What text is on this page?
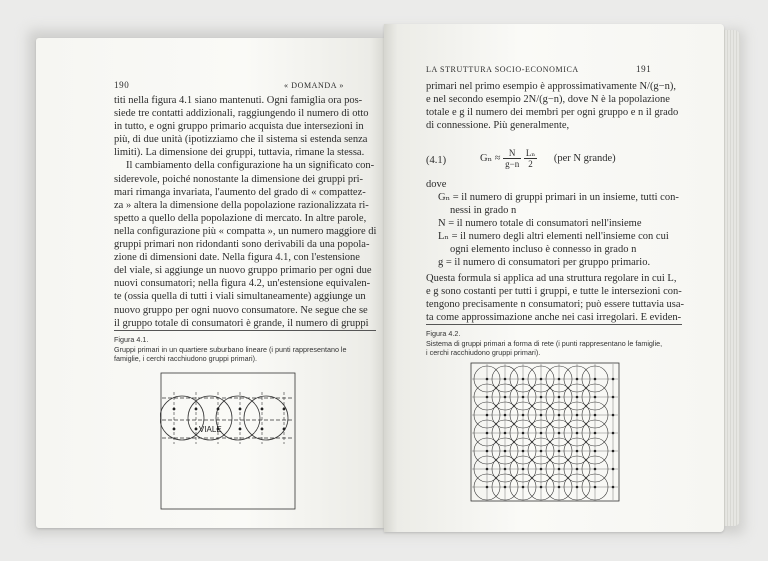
190	« DOMANDA »
titi nella figura 4.1 siano mantenuti. Ogni famiglia ora pos-
siede tre contatti addizionali, raggiungendo il numero di otto
in tutto, e ogni gruppo primario acquista due intersezioni in
più, di due unità (ipotizziamo che il sistema si estenda senza
limiti). La dimensione dei gruppi, tuttavia, rimane la stessa.
Il cambiamento della configurazione ha un significato con-
siderevole, poiché nonostante la dimensione dei gruppi pri-
mari rimanga invariata, l'aumento del grado di « compattez-
za » altera la dimensione della popolazione razionalizzata ri-
spetto a quello della popolazione di mercato. In altre parole,
nella configurazione più « compatta », un numero maggiore di
gruppi primari non ridondanti sono derivabili da una popola-
zione di dimensioni date. Nella figura 4.1, con l'estensione
del viale, si aggiunge un nuovo gruppo primario per ogni due
nuovi consumatori; nella figura 4.2, un'estensione equivalen-
te (ossia quella di tutti i viali simultaneamente) aggiunge un
nuovo gruppo per ogni nuovo consumatore. Ne segue che se
il gruppo totale di consumatori è grande, il numero di gruppi
Figura 4.1.
Gruppi primari in un quartiere suburbano lineare (i punti rappresentano le
famiglie, i cerchi racchiudono gruppi primari).
VIALE
LA STRUTTURA SOCIO-ECONOMICA	191
primari nel primo esempio è approssimativamente N/(g−n),
e nel secondo esempio 2N/(g−n), dove N è la popolazione
totale e g il numero dei membri per ogni gruppo e n il grado
di connessione. Più generalmente,
(4.1)	$G_n \approx \frac{N}{g-n}$
$\frac{\text{Lₙ}}{2} (per$ N grande)
dove
Gₙ = il numero di gruppi primari in un insieme, tutti con-
nessi in grado n
N = il numero totale di consumatori nell'insieme
Lₙ = il numero degli altri elementi nell'insieme con cui
ogni elemento incluso è connesso in grado n
g = il numero di consumatori per gruppo primario.
Questa formula si applica ad una struttura regolare in cui L,
e g sono costanti per tutti i gruppi, e tutte le intersezioni con-
tengono precisamente n consumatori; può essere tuttavia usa-
ta come approssimazione anche nei casi irregolari. E eviden-
Figura 4.2.
Sistema di gruppi primari a forma di rete (i punti rappresentano le famiglie,
i cerchi racchiudono gruppi primari).
